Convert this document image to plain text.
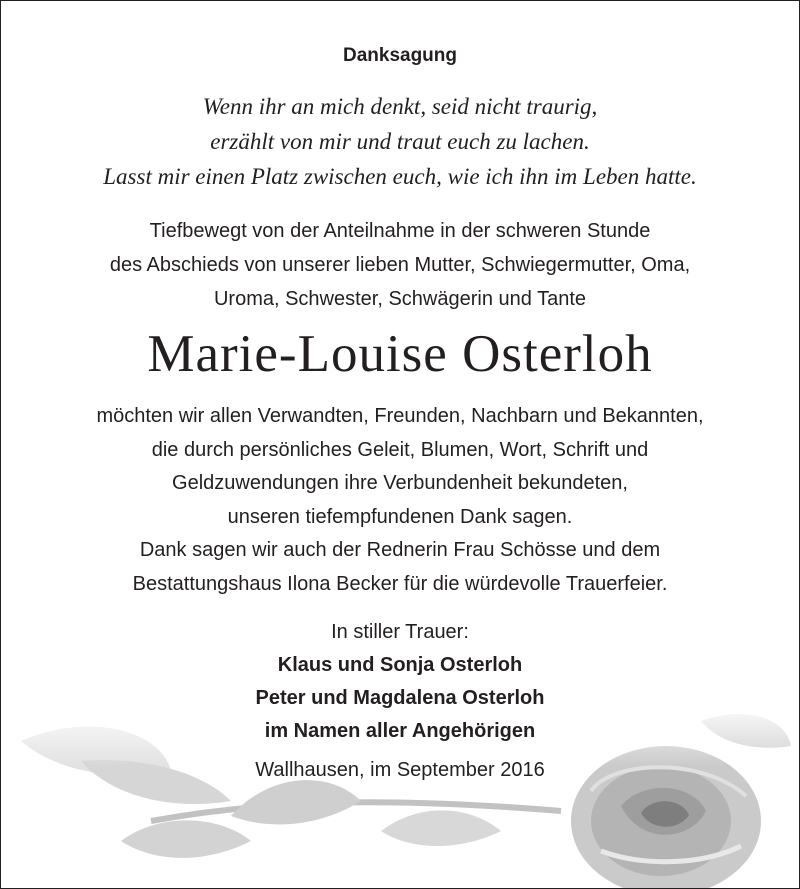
Danksagung
Wenn ihr an mich denkt, seid nicht traurig,
erzählt von mir und traut euch zu lachen.
Lasst mir einen Platz zwischen euch, wie ich ihn im Leben hatte.
Tiefbewegt von der Anteilnahme in der schweren Stunde
des Abschieds von unserer lieben Mutter, Schwiegermutter, Oma,
Uroma, Schwester, Schwägerin und Tante
Marie-Louise Osterloh
möchten wir allen Verwandten, Freunden, Nachbarn und Bekannten,
die durch persönliches Geleit, Blumen, Wort, Schrift und
Geldzuwendungen ihre Verbundenheit bekundeten,
unseren tiefempfundenen Dank sagen.
Dank sagen wir auch der Rednerin Frau Schösse und dem
Bestattungshaus Ilona Becker für die würdevolle Trauerfeier.
In stiller Trauer:
Klaus und Sonja Osterloh
Peter und Magdalena Osterloh
im Namen aller Angehörigen
Wallhausen, im September 2016
